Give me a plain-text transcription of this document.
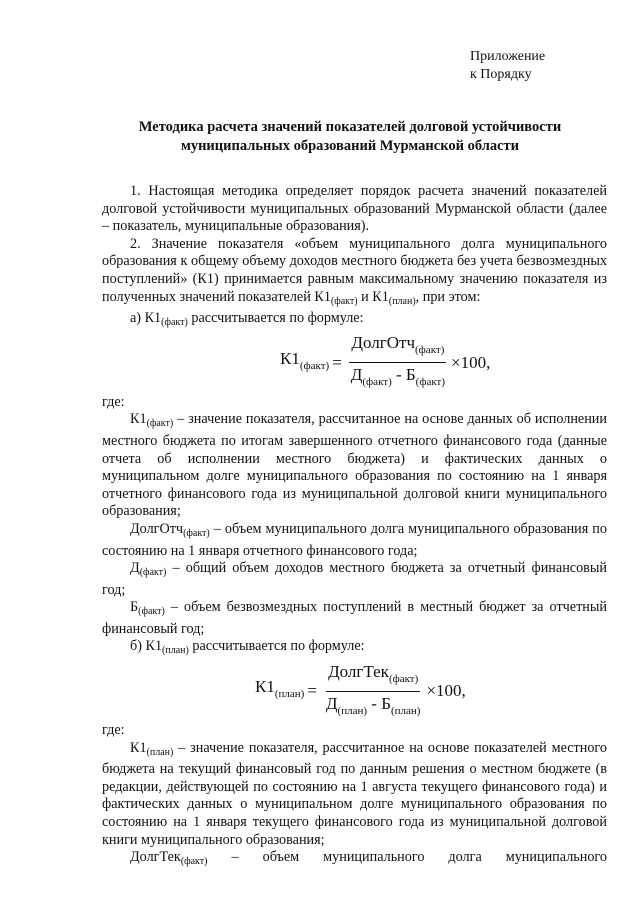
Приложение
к Порядку
Методика расчета значений показателей долговой устойчивости
муниципальных образований Мурманской области

1. Настоящая методика определяет порядок расчета значений показателей долговой устойчивости муниципальных образований Мурманской области (далее – показатель, муниципальные образования).

2. Значение показателя «объем муниципального долга муниципального образования к общему объему доходов местного бюджета без учета безвозмездных поступлений» (К1) принимается равным максимальному значению показателя из полученных значений показателей $К1_{(факт)}$ и $К1_{(план)}$, при этом:

а) $К1_{(факт)}$ рассчитывается по формуле:

$К1_{(факт)} = \frac{ДолгОтч_{(факт)}}{Д_{(факт)} - Б_{(факт)}} \times 100$,

где:

$К1_{(факт)}$ – значение показателя, рассчитанное на основе данных об исполнении местного бюджета по итогам завершенного отчетного финансового года (данные отчета об исполнении местного бюджета) и фактических данных о муниципальном долге муниципального образования по состоянию на 1 января отчетного финансового года из муниципальной долговой книги муниципального образования;

ДолгОтч$_{(факт)}$ – объем муниципального долга муниципального образования по состоянию на 1 января отчетного финансового года;

$Д_{(факт)}$ – общий объем доходов местного бюджета за отчетный финансовый год;

$Б_{(факт)}$ – объем безвозмездных поступлений в местный бюджет за отчетный финансовый год;

б) $К1_{(план)}$ рассчитывается по формуле:

$К1_{(план)} = \frac{ДолгТек_{(факт)}}{Д_{(план)} - Б_{(план)}} \times 100$,

где:

$К1_{(план)}$ – значение показателя, рассчитанное на основе показателей местного бюджета на текущий финансовый год по данным решения о местном бюджете (в редакции, действующей по состоянию на 1 августа текущего финансового года) и фактических данных о муниципальном долге муниципального образования по состоянию на 1 января текущего финансового года из муниципальной долговой книги муниципального образования;

ДолгТек$_{(факт)}$ – объем муниципального долга муниципального
